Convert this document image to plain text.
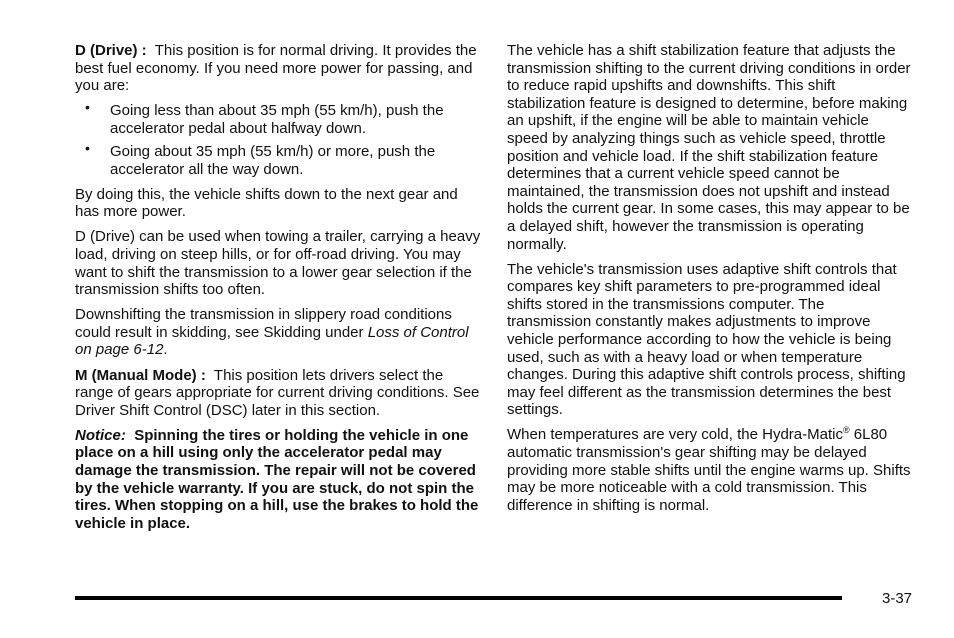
D (Drive) : This position is for normal driving. It provides the best fuel economy. If you need more power for passing, and you are:

• Going less than about 35 mph (55 km/h), push the accelerator pedal about halfway down.
• Going about 35 mph (55 km/h) or more, push the accelerator all the way down.

By doing this, the vehicle shifts down to the next gear and has more power.

D (Drive) can be used when towing a trailer, carrying a heavy load, driving on steep hills, or for off-road driving. You may want to shift the transmission to a lower gear selection if the transmission shifts too often.

Downshifting the transmission in slippery road conditions could result in skidding, see Skidding under Loss of Control on page 6-12.

M (Manual Mode) : This position lets drivers select the range of gears appropriate for current driving conditions. See Driver Shift Control (DSC) later in this section.

Notice: Spinning the tires or holding the vehicle in one place on a hill using only the accelerator pedal may damage the transmission. The repair will not be covered by the vehicle warranty. If you are stuck, do not spin the tires. When stopping on a hill, use the brakes to hold the vehicle in place.

The vehicle has a shift stabilization feature that adjusts the transmission shifting to the current driving conditions in order to reduce rapid upshifts and downshifts. This shift stabilization feature is designed to determine, before making an upshift, if the engine will be able to maintain vehicle speed by analyzing things such as vehicle speed, throttle position and vehicle load. If the shift stabilization feature determines that a current vehicle speed cannot be maintained, the transmission does not upshift and instead holds the current gear. In some cases, this may appear to be a delayed shift, however the transmission is operating normally.

The vehicle's transmission uses adaptive shift controls that compares key shift parameters to pre-programmed ideal shifts stored in the transmissions computer. The transmission constantly makes adjustments to improve vehicle performance according to how the vehicle is being used, such as with a heavy load or when temperature changes. During this adaptive shift controls process, shifting may feel different as the transmission determines the best settings.

When temperatures are very cold, the Hydra-Matic® 6L80 automatic transmission's gear shifting may be delayed providing more stable shifts until the engine warms up. Shifts may be more noticeable with a cold transmission. This difference in shifting is normal.

3-37
